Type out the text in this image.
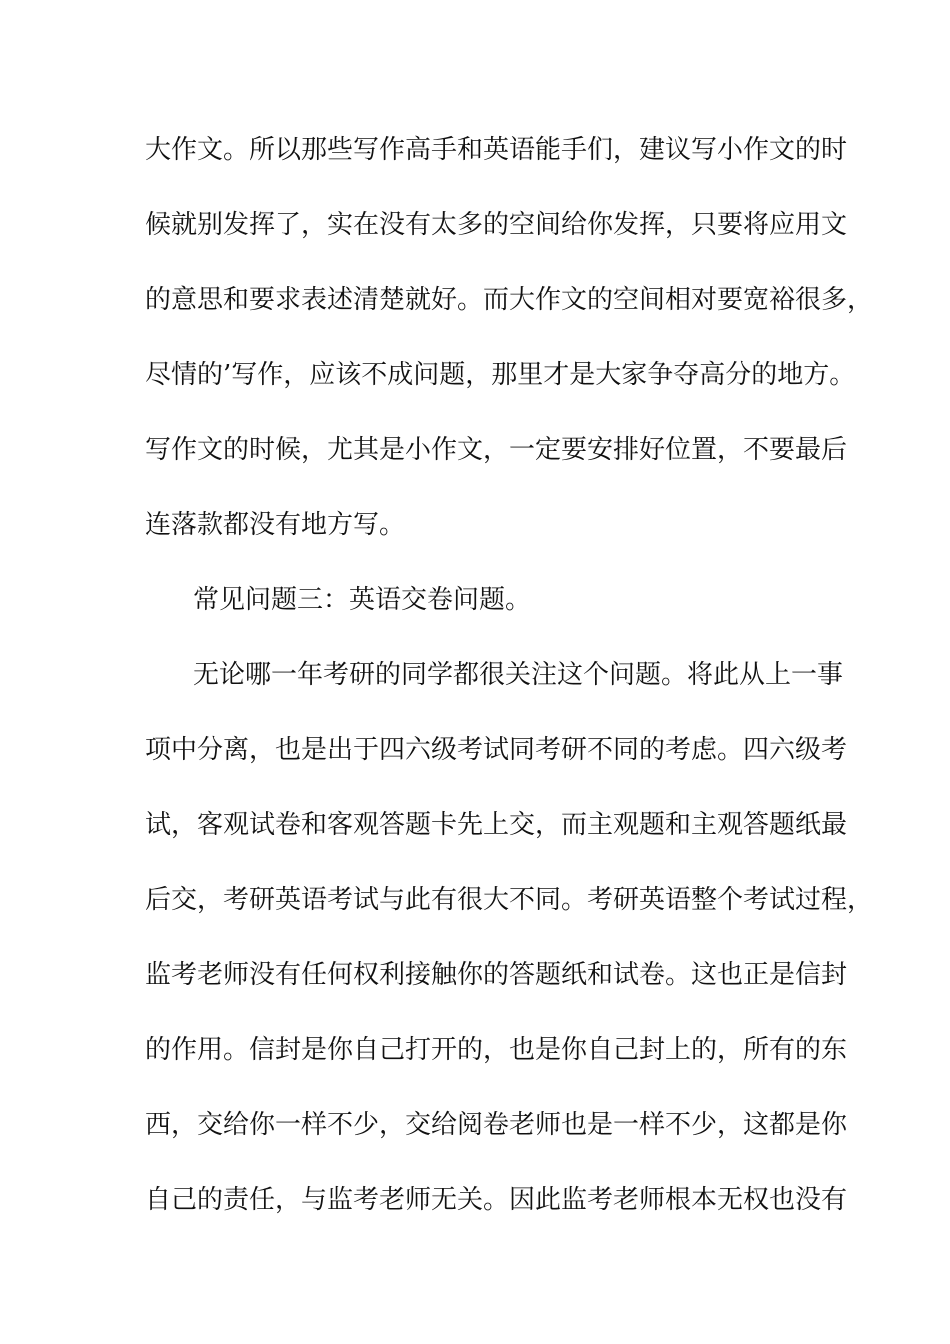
大作文。所以那些写作高手和英语能手们，建议写小作文的时
候就别发挥了，实在没有太多的空间给你发挥，只要将应用文
的意思和要求表述清楚就好。而大作文的空间相对要宽裕很多，
尽情的’写作，应该不成问题，那里才是大家争夺高分的地方。
写作文的时候，尤其是小作文，一定要安排好位置，不要最后
连落款都没有地方写。
常见问题三：英语交卷问题。
无论哪一年考研的同学都很关注这个问题。将此从上一事
项中分离，也是出于四六级考试同考研不同的考虑。四六级考
试，客观试卷和客观答题卡先上交，而主观题和主观答题纸最
后交，考研英语考试与此有很大不同。考研英语整个考试过程，
监考老师没有任何权利接触你的答题纸和试卷。这也正是信封
的作用。信封是你自己打开的，也是你自己封上的，所有的东
西，交给你一样不少，交给阅卷老师也是一样不少，这都是你
自己的责任，与监考老师无关。因此监考老师根本无权也没有
